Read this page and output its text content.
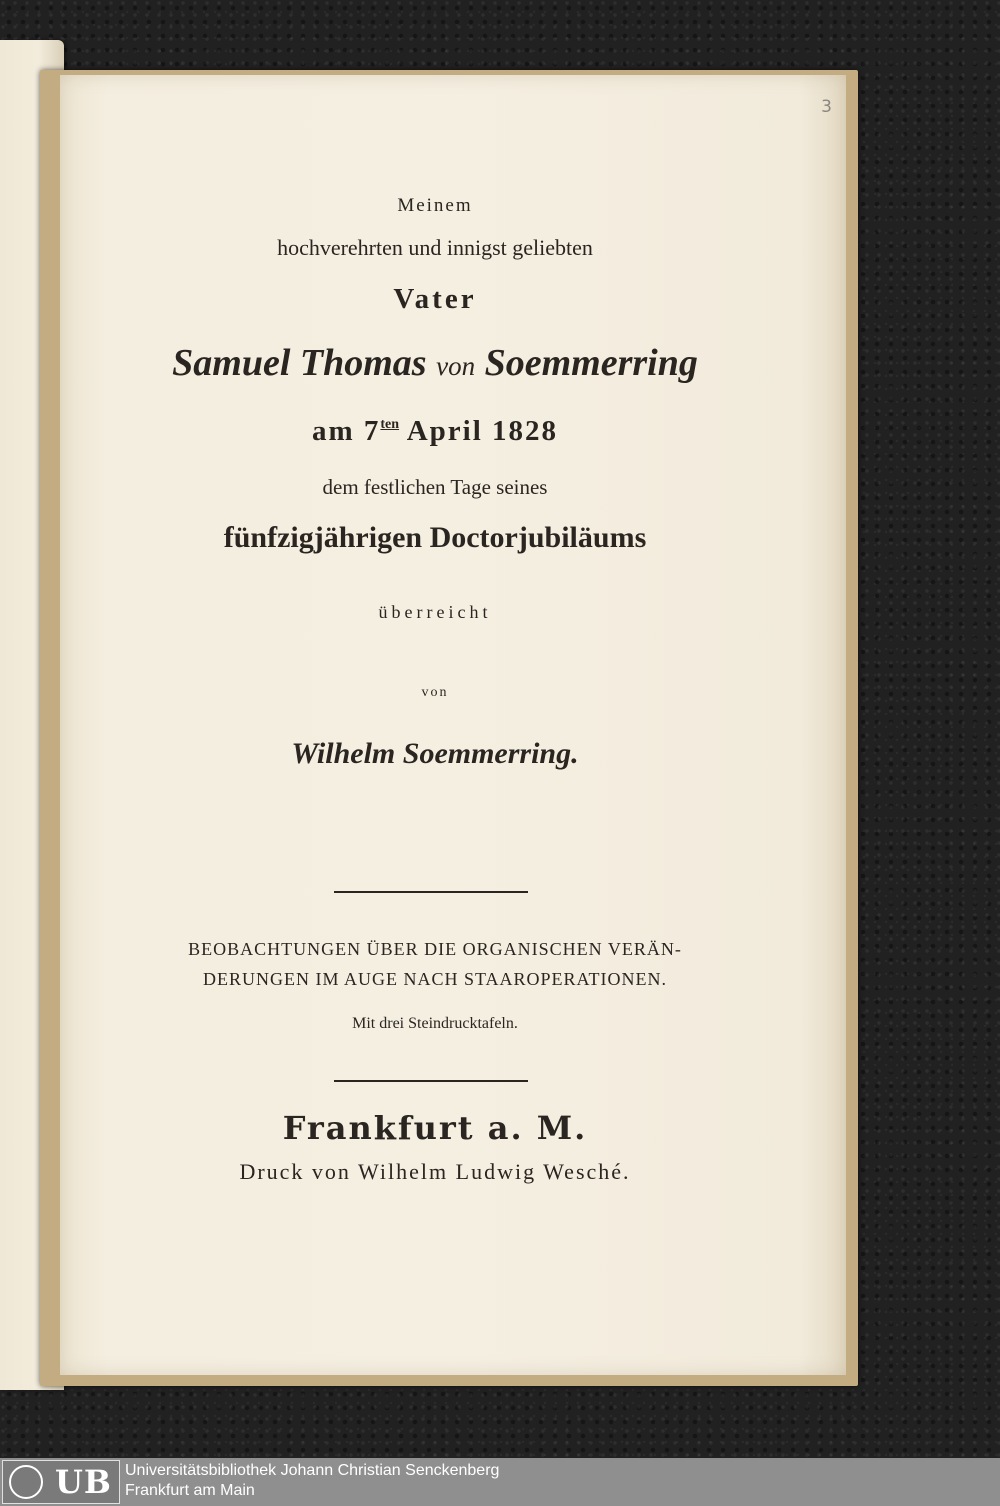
3
Meinem
hochverehrten und innigst geliebten
Vater
Samuel Thomas von Soemmerring
am $7^{ten}$ April 1828
dem festlichen Tage seines
fünfzigjährigen Doctorjubiläums
überreicht
von
Wilhelm Soemmerring.
BEOBACHTUNGEN ÜBER DIE ORGANISCHEN VERÄN-
DERUNGEN IM AUGE NACH STAAROPERATIONEN.
Mit drei Steindrucktafeln.
Frankfurt a. M.
Druck von Wilhelm Ludwig Wesché.
UB Universitätsbibliothek Johann Christian Senckenberg
Frankfurt am Main
